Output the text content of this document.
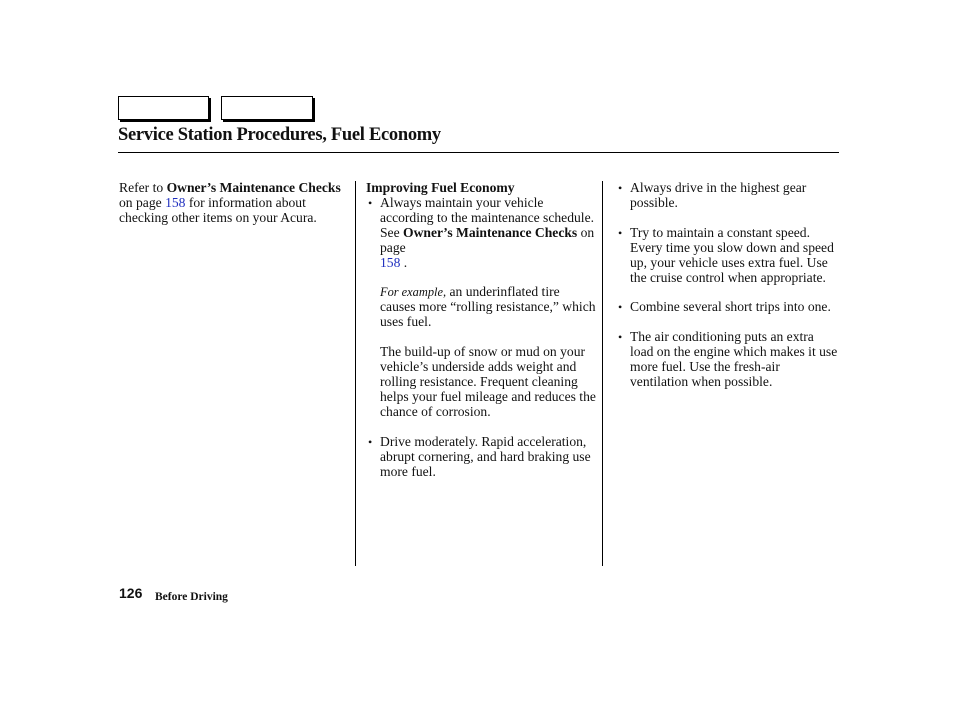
Service Station Procedures, Fuel Economy

Refer to Owner’s Maintenance Checks on page 158 for information about checking other items on your Acura.

Improving Fuel Economy

• Always maintain your vehicle according to the maintenance schedule. See Owner’s Maintenance Checks on page
158 .

For example, an underinflated tire causes more “rolling resistance,” which uses fuel.

The build-up of snow or mud on your vehicle’s underside adds weight and rolling resistance. Frequent cleaning helps your fuel mileage and reduces the chance of corrosion.

• Drive moderately. Rapid acceleration, abrupt cornering, and hard braking use more fuel.
• Always drive in the highest gear possible.
• Try to maintain a constant speed. Every time you slow down and speed up, your vehicle uses extra fuel. Use the cruise control when appropriate.
• Combine several short trips into one.
• The air conditioning puts an extra load on the engine which makes it use more fuel. Use the fresh-air ventilation when possible.
126 Before Driving
